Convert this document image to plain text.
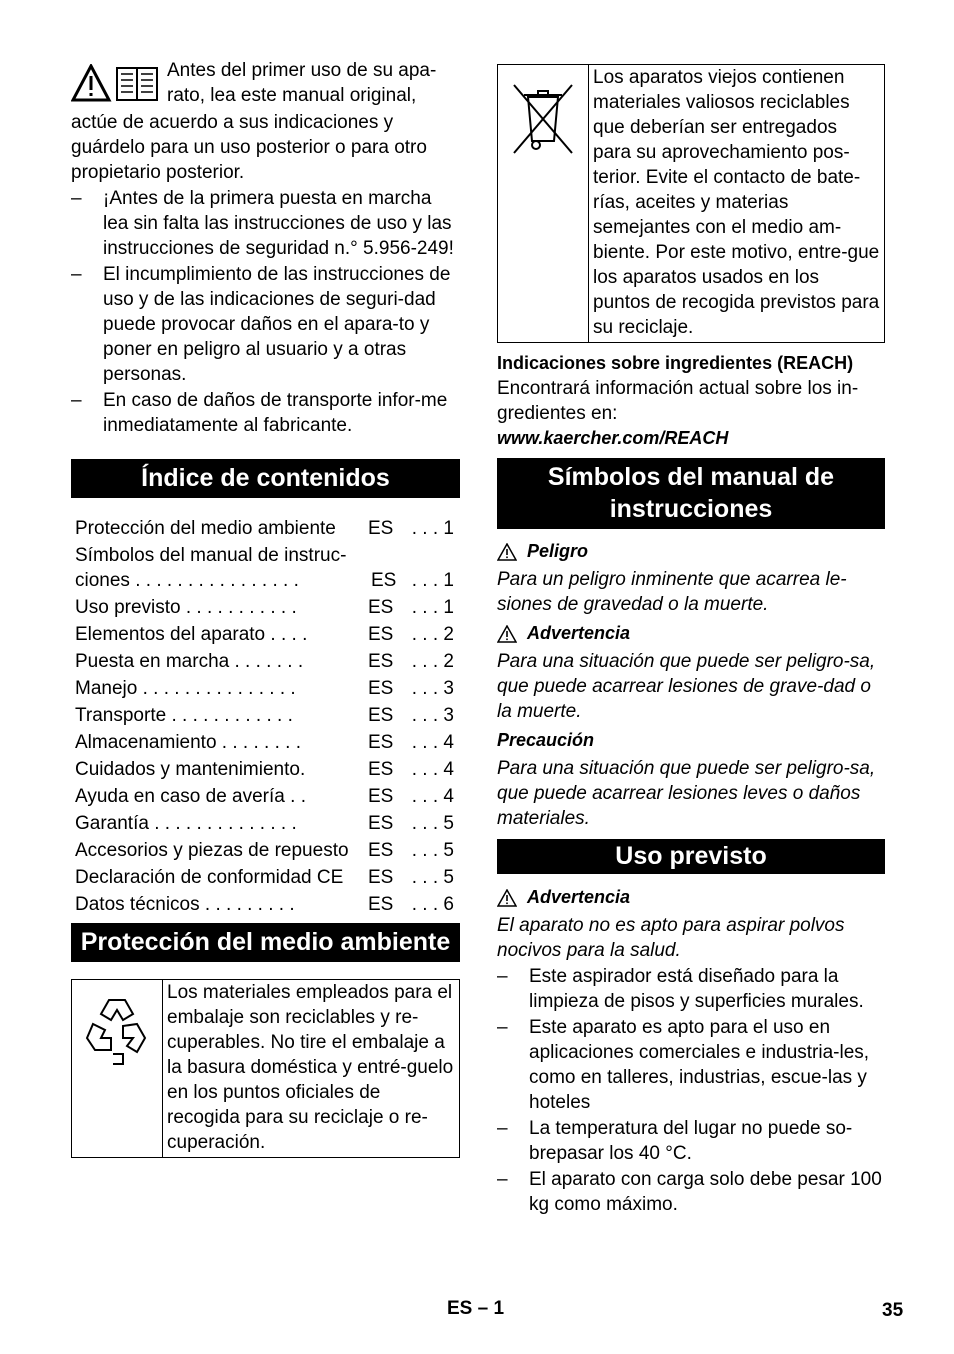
Antes del primer uso de su apa-rato, lea este manual original,

actúe de acuerdo a sus indicaciones y guárdelo para un uso posterior o para otro propietario posterior.

– ¡Antes de la primera puesta en marcha lea sin falta las instrucciones de uso y las instrucciones de seguridad n.° 5.956-249!
– El incumplimiento de las instrucciones de uso y de las indicaciones de seguri-dad puede provocar daños en el apara-to y poner en peligro al usuario y a otras personas.
– En caso de daños de transporte infor-me inmediatamente al fabricante.
Índice de contenidos
Protección del medio ambiente	ES . . . 1
Símbolos del manual de instruc-ciones . . . . . . . . . . . . . . . .	ES . . . 1
Uso previsto . . . . . . . . . . .	ES . . . 1
Elementos del aparato . . . .	ES . . . 2
Puesta en marcha . . . . . . .	ES . . . 2
Manejo . . . . . . . . . . . . . . .	ES . . . 3
Transporte . . . . . . . . . . . .	ES . . . 3
Almacenamiento . . . . . . . .	ES . . . 4
Cuidados y mantenimiento.	ES . . . 4
Ayuda en caso de avería . .	ES . . . 4
Garantía . . . . . . . . . . . . . .	ES . . . 5
Accesorios y piezas de repuesto	ES . . . 5
Declaración de conformidad CE	ES . . . 5
Datos técnicos . . . . . . . . .	ES . . . 6
Protección del medio ambiente
Los materiales empleados para el embalaje son reciclables y re-cuperables. No tire el embalaje a la basura doméstica y entré-guelo en los puntos oficiales de recogida para su reciclaje o re-cuperación.
Los aparatos viejos contienen materiales valiosos reciclables que deberían ser entregados para su aprovechamiento pos-terior. Evite el contacto de bate-rías, aceites y materias semejantes con el medio am-biente. Por este motivo, entre-gue los aparatos usados en los puntos de recogida previstos para su reciclaje.

Indicaciones sobre ingredientes (REACH)

Encontrará información actual sobre los in-gredientes en:

www.kaercher.com/REACH

Símbolos del manual de instrucciones

Peligro

Para un peligro inminente que acarrea le-siones de gravedad o la muerte.

Advertencia

Para una situación que puede ser peligro-sa, que puede acarrear lesiones de grave-dad o la muerte.

Precaución

Para una situación que puede ser peligro-sa, que puede acarrear lesiones leves o daños materiales.

Uso previsto

Advertencia

El aparato no es apto para aspirar polvos nocivos para la salud.

– Este aspirador está diseñado para la limpieza de pisos y superficies murales.
– Este aparato es apto para el uso en aplicaciones comerciales e industria-les, como en talleres, industrias, escue-las y hoteles
– La temperatura del lugar no puede so-brepasar los 40 °C.
– El aparato con carga solo debe pesar 100 kg como máximo.
ES – 1	35
